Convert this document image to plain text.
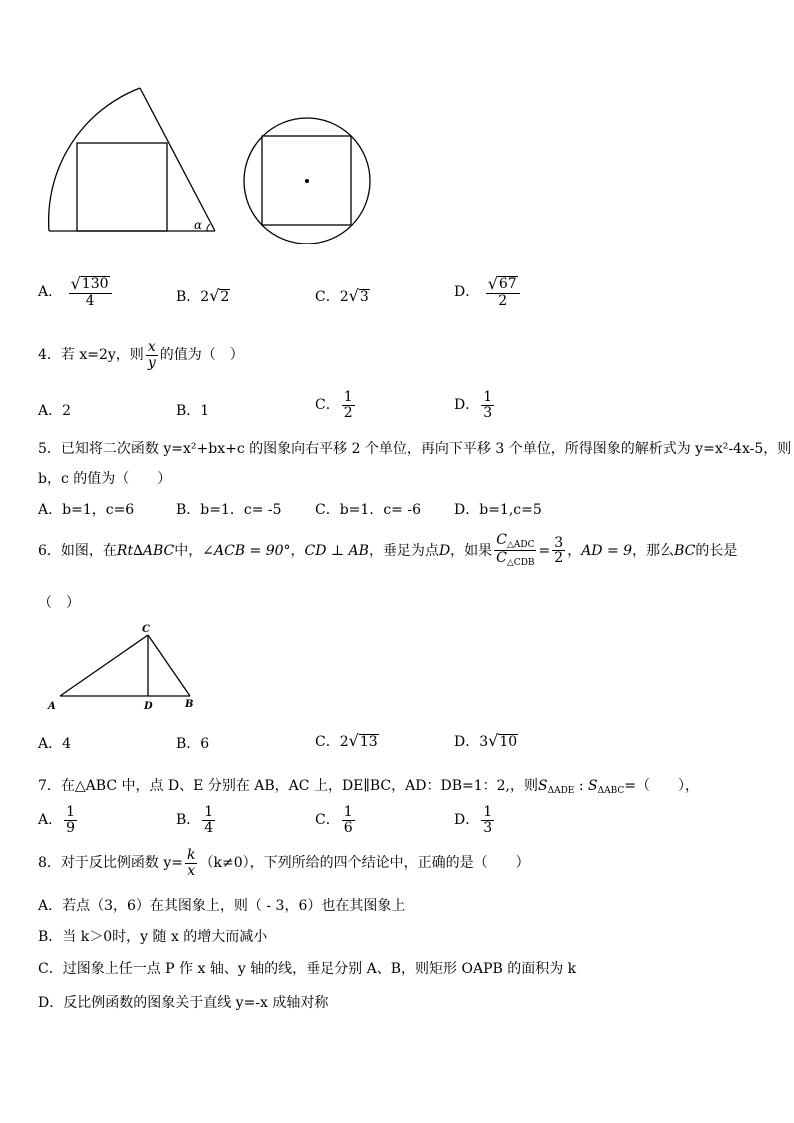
α
A． $\frac{√ 130}{4}$	B．2 √ 2	C．2 √ 3	D． $\frac{√ 67}{2}$
4．若 x=2y，则 $\frac{x}{y}$ 的值为（　）
A．2	B．1	C． $\frac{1}{2}$	D． $\frac{1}{3}$
5．已知将二次函数 y=x²+bx+c 的图象向右平移 2 个单位，再向下平移 3 个单位，所得图象的解析式为 y=x²-4x-5，则
b，c 的值为（　　）
A．b=1，c=6	B．b=1．c= -5 C．b=1．c= -6 D．b=1,c=5
6．如图，在Rt∆ABC中，∠ACB = 90°，CD ⊥ AB，垂足为点D，如果 $\frac{C_{\triangle ADC}}{C_{\triangle CDB}} = \frac{3}{2}$ ，AD = 9，那么BC的长是
（　）
C
A	D	B
A．4	B．6	C．2 √ 13	D．3 √ 10
7．在△ABC 中，点 D、E 分别在 AB，AC 上，DE∥BC，AD：DB=1：2,，则$S_{\Delta ADE}$ : $S_{\Delta ABC}=$（　　），
A． $\frac{1}{9}$	B． $\frac{1}{4}$	C． $\frac{1}{6}$	D． $\frac{1}{3}$
8．对于反比例函数 $y= \frac{k}{x} (k\ne 0)$，下列所给的四个结论中，正确的是（　　）
A．若点（3，6）在其图象上，则（ - 3，6）也在其图象上
B．当 k＞0时，y 随 x 的增大而减小
C．过图象上任一点 P 作 x 轴、y 轴的线，垂足分别 A、B，则矩形 OAPB 的面积为 k
D．反比例函数的图象关于直线 y=-x 成轴对称
